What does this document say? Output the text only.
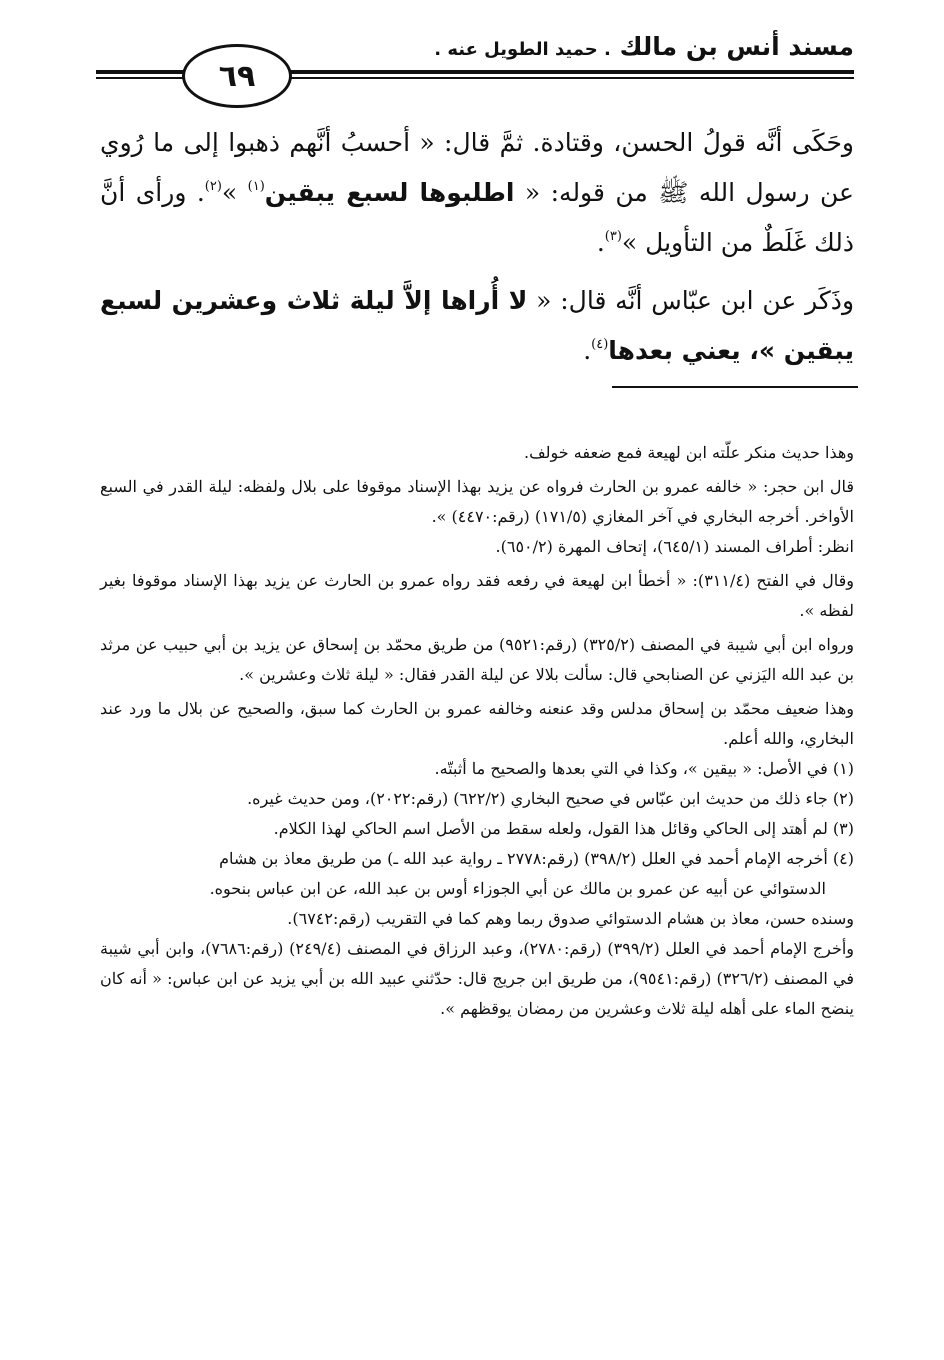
مسند أنس بن مالك . حميد الطويل عنه .
٦٩

وحَكَى أنَّه قولُ الحسن، وقتادة. ثمَّ قال: « أحسبُ أنَّهم ذهبوا إلى ما رُوي عن رسول الله ﷺ من قوله: « اطلبوها لسبع يبقين$^{(١)}$ »$^{(٢)}$. ورأى أنَّ ذلك غَلَطٌ من التأويل »$^{(٣)}$.

وذَكَر عن ابن عبّاس أنَّه قال: « لا أُراها إلاَّ ليلة ثلاث وعشرين لسبع يبقين »، يعني بعدها$^{(٤)}$.

وهذا حديث منكر علّته ابن لهيعة فمع ضعفه خولف.

قال ابن حجر: « خالفه عمرو بن الحارث فرواه عن يزيد بهذا الإسناد موقوفا على بلال ولفظه: ليلة القدر في السبع الأواخر. أخرجه البخاري في آخر المغازي (١٧١/٥) (رقم:٤٤٧٠) ».

انظر: أطراف المسند (٦٤٥/١)، إتحاف المهرة (٦٥٠/٢).

وقال في الفتح (٣١١/٤): « أخطأ ابن لهيعة في رفعه فقد رواه عمرو بن الحارث عن يزيد بهذا الإسناد موقوفا بغير لفظه ».

ورواه ابن أبي شيبة في المصنف (٣٢٥/٢) (رقم:٩٥٢١) من طريق محمّد بن إسحاق عن يزيد بن أبي حبيب عن مرثد بن عبد الله اليَزني عن الصنابحي قال: سألت بلالا عن ليلة القدر فقال: « ليلة ثلاث وعشرين ».

وهذا ضعيف محمّد بن إسحاق مدلس وقد عنعنه وخالفه عمرو بن الحارث كما سبق، والصحيح عن بلال ما ورد عند البخاري، والله أعلم.

(١) في الأصل: « بيقين »، وكذا في التي بعدها والصحيح ما أثبتّه.

(٢) جاء ذلك من حديث ابن عبّاس في صحيح البخاري (٦٢٢/٢) (رقم:٢٠٢٢)، ومن حديث غيره.

(٣) لم أهتد إلى الحاكي وقائل هذا القول، ولعله سقط من الأصل اسم الحاكي لهذا الكلام.

(٤) أخرجه الإمام أحمد في العلل (٣٩٨/٢) (رقم:٢٧٧٨ ـ رواية عبد الله ـ) من طريق معاذ بن هشام

الدستوائي عن أبيه عن عمرو بن مالك عن أبي الجوزاء أوس بن عبد الله، عن ابن عباس بنحوه.

وسنده حسن، معاذ بن هشام الدستوائي صدوق ربما وهم كما في التقريب (رقم:٦٧٤٢).

وأخرج الإمام أحمد في العلل (٣٩٩/٢) (رقم:٢٧٨٠)، وعبد الرزاق في المصنف (٢٤٩/٤) (رقم:٧٦٨٦)، وابن أبي شيبة في المصنف (٣٢٦/٢) (رقم:٩٥٤١)، من طريق ابن جريج قال: حدّثني عبيد الله بن أبي يزيد عن ابن عباس: « أنه كان ينضح الماء على أهله ليلة ثلاث وعشرين من رمضان يوقظهم ».
